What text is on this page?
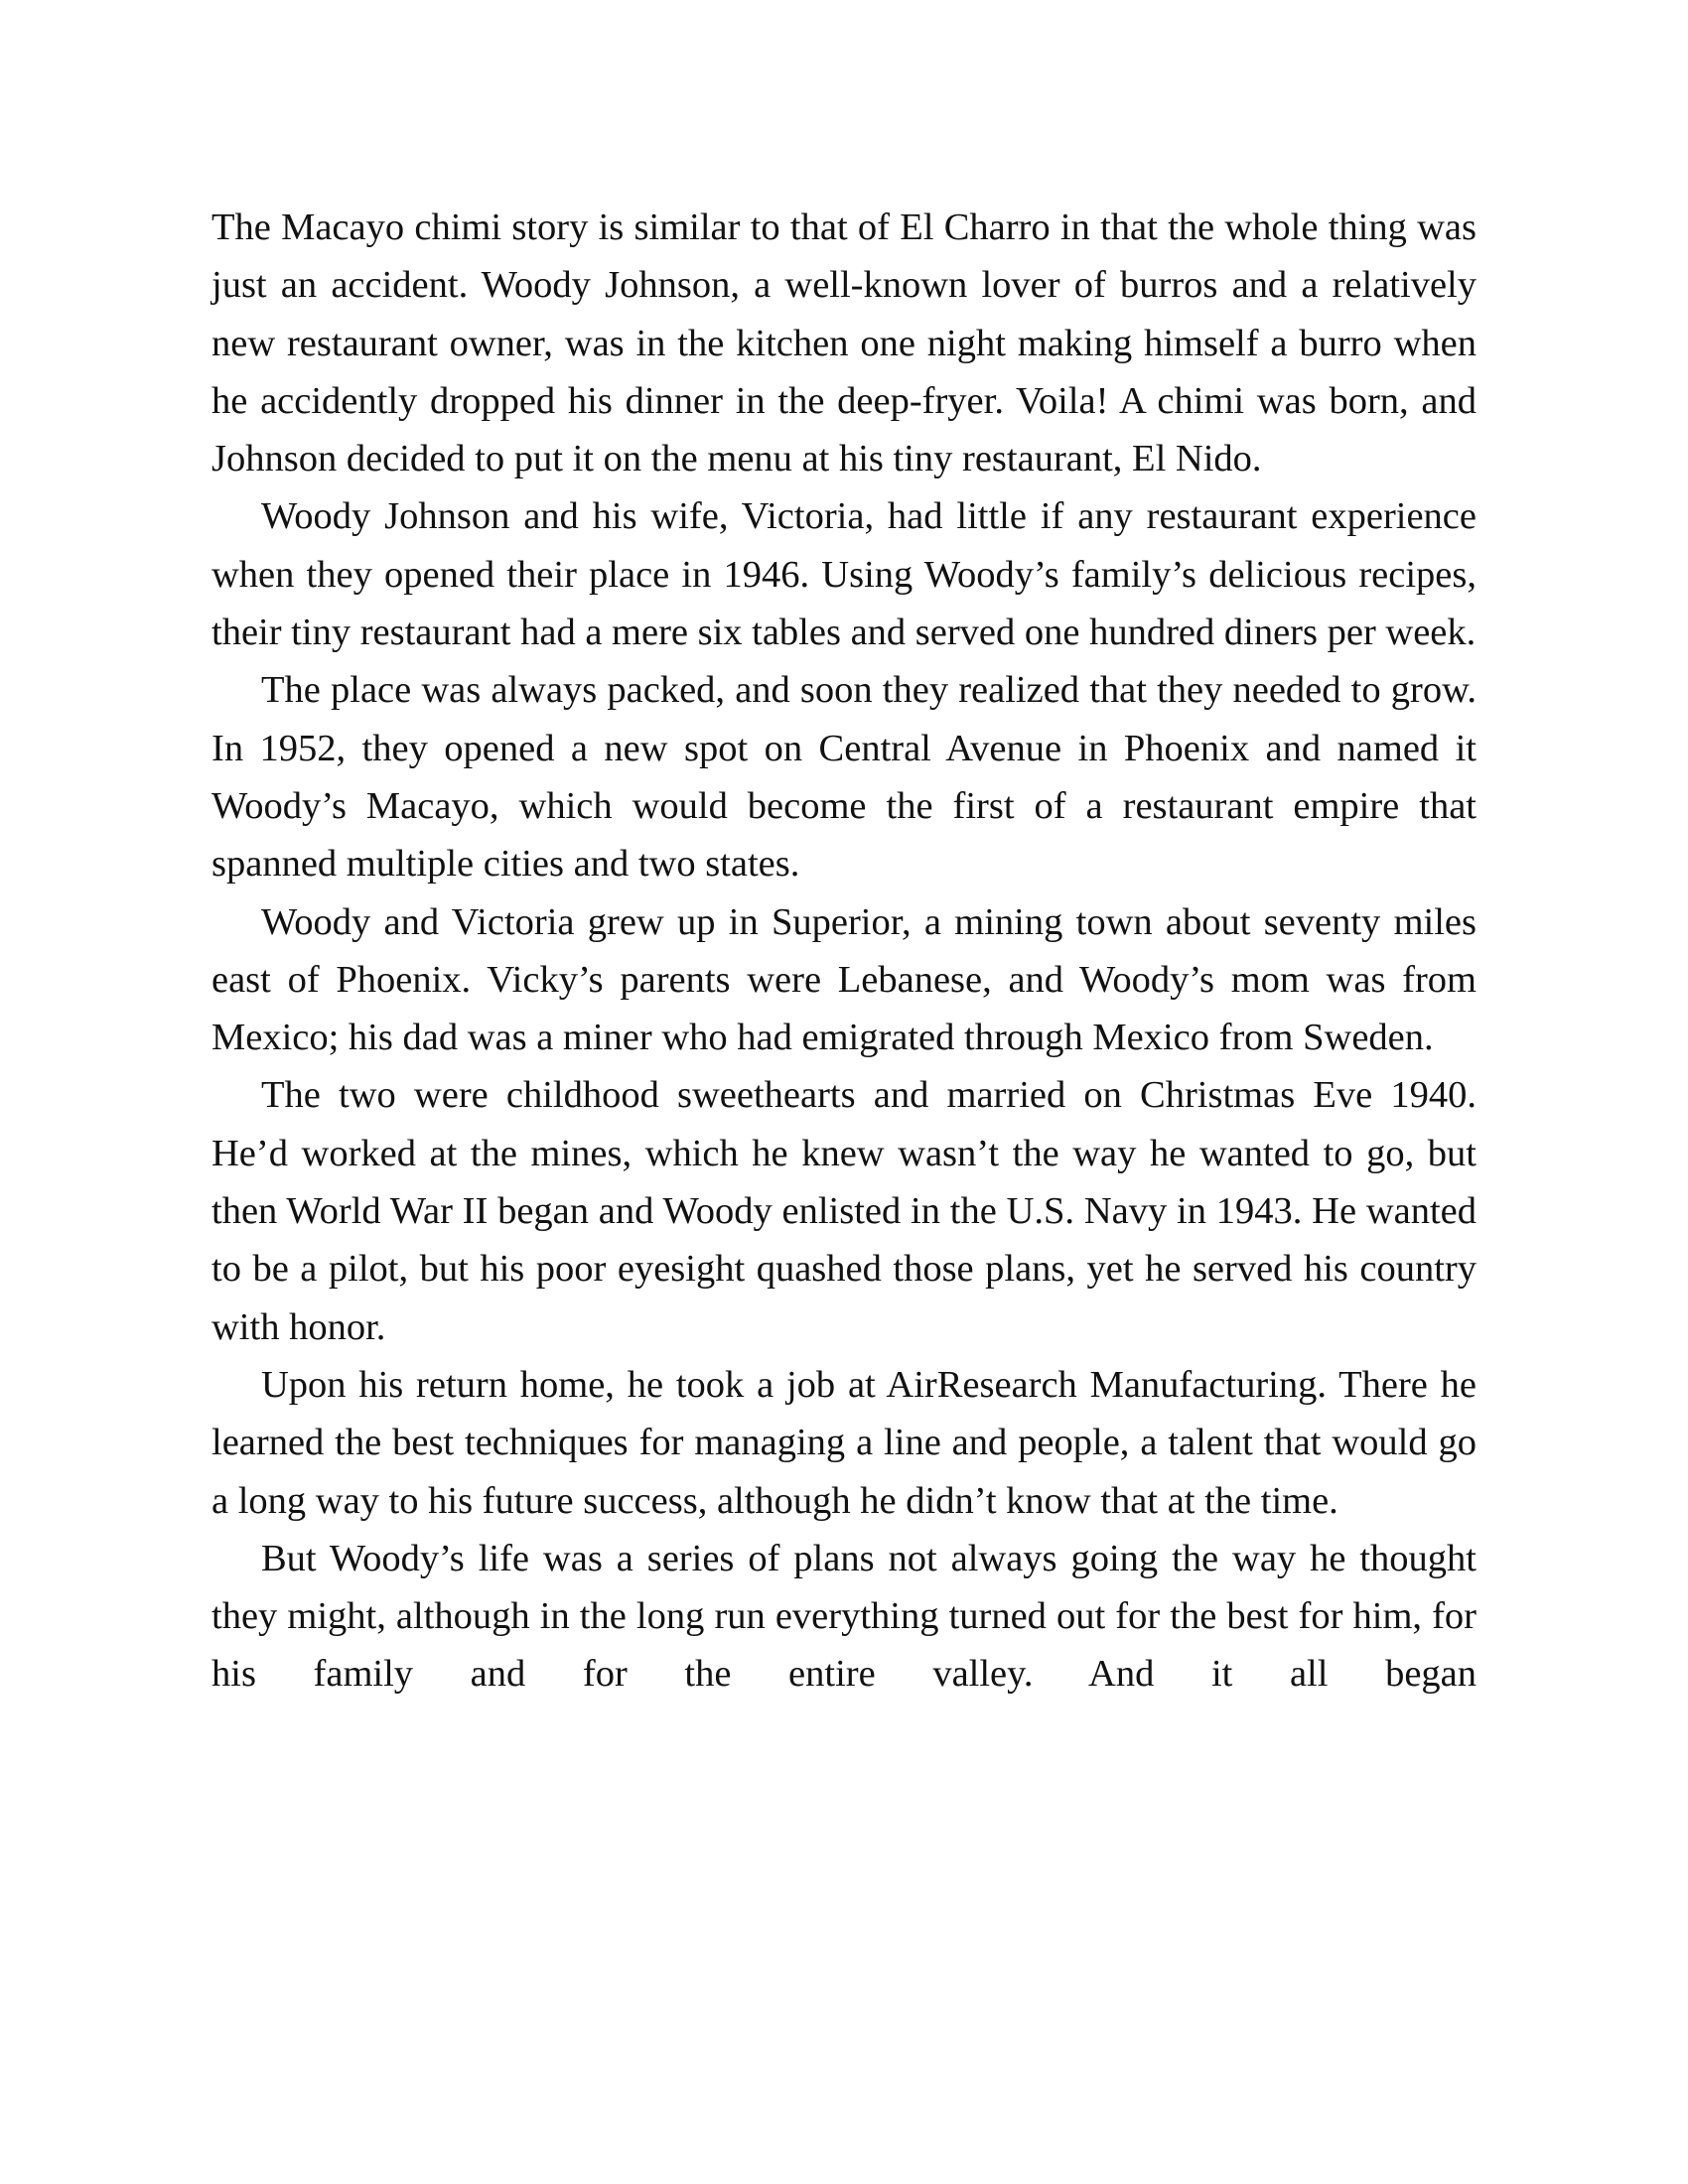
The Macayo chimi story is similar to that of El Charro in that the whole thing was just an accident. Woody Johnson, a well-known lover of burros and a relatively new restaurant owner, was in the kitchen one night making himself a burro when he accidently dropped his dinner in the deep-fryer. Voila! A chimi was born, and Johnson decided to put it on the menu at his tiny restaurant, El Nido.

Woody Johnson and his wife, Victoria, had little if any restaurant experience when they opened their place in 1946. Using Woody’s family’s delicious recipes, their tiny restaurant had a mere six tables and served one hundred diners per week.

The place was always packed, and soon they realized that they needed to grow. In 1952, they opened a new spot on Central Avenue in Phoenix and named it Woody’s Macayo, which would become the first of a restaurant empire that spanned multiple cities and two states.

Woody and Victoria grew up in Superior, a mining town about seventy miles east of Phoenix. Vicky’s parents were Lebanese, and Woody’s mom was from Mexico; his dad was a miner who had emigrated through Mexico from Sweden.

The two were childhood sweethearts and married on Christmas Eve 1940. He’d worked at the mines, which he knew wasn’t the way he wanted to go, but then World War II began and Woody enlisted in the U.S. Navy in 1943. He wanted to be a pilot, but his poor eyesight quashed those plans, yet he served his country with honor.

Upon his return home, he took a job at AirResearch Manufacturing. There he learned the best techniques for managing a line and people, a talent that would go a long way to his future success, although he didn’t know that at the time.

But Woody’s life was a series of plans not always going the way he thought they might, although in the long run everything turned out for the best for him, for his family and for the entire valley. And it all began
